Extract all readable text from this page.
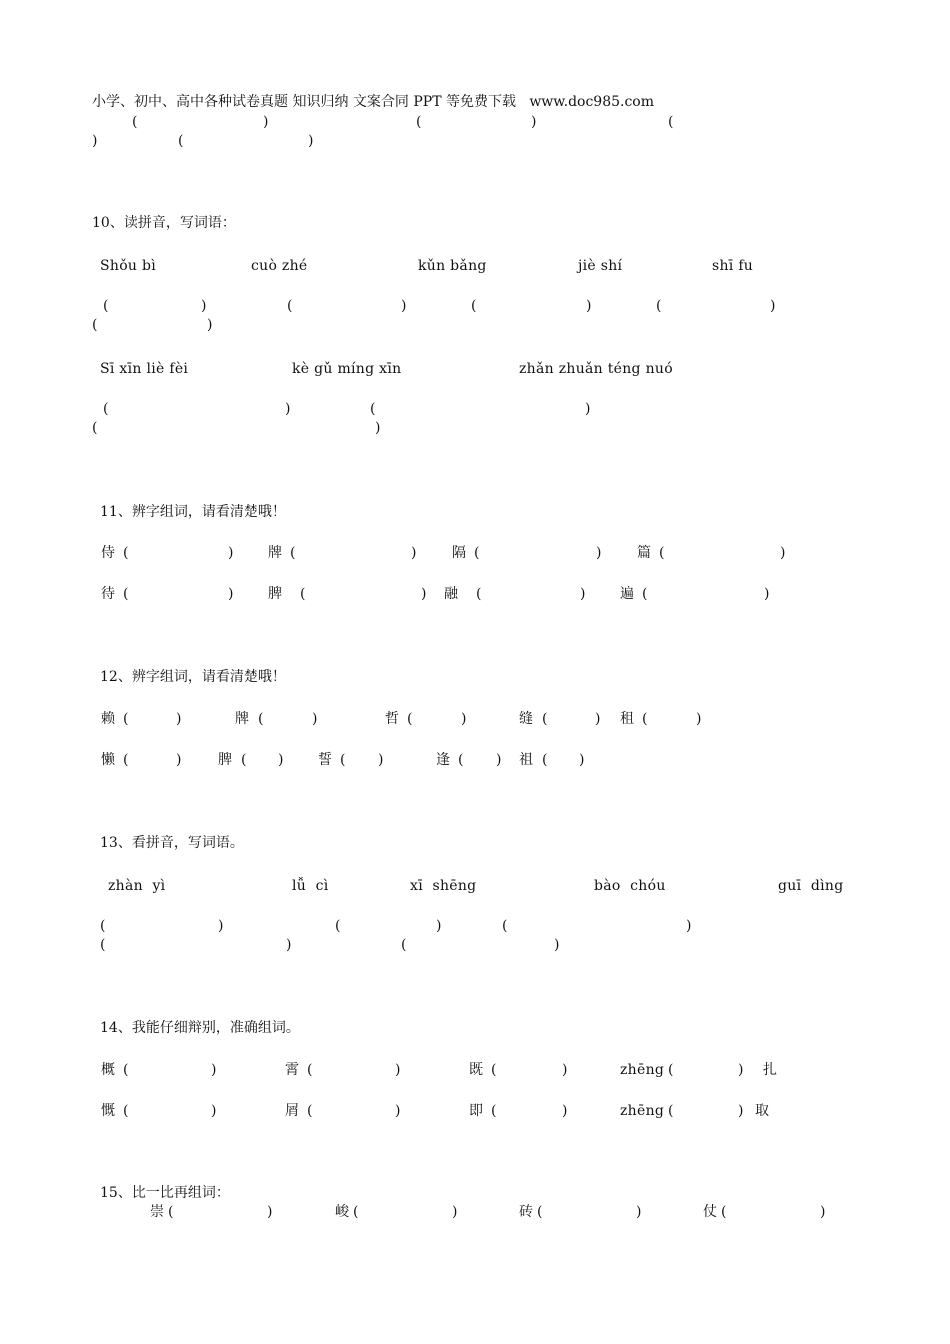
小学、初中、高中各种试卷真题 知识归纳 文案合同 PPT 等免费下载   www.doc985.com
(	)	(	)	(
)	(	)
10、读拼音，写词语：
Shǒu bì	cuò zhé	kǔn bǎng	jiè shí	shī fu
(	)	(	)	(	)	(	)
(	)
Sī xīn liè fèi	kè gǔ míng xīn	zhǎn zhuǎn téng nuó
(	)	(	)
(	)
11、辨字组词，请看清楚哦！
侍 (	) 牌 (	)	隔 (	)	篇 (	)
待 (	) 脾 (	) 融 (	) 遍 (	)
12、辨字组词，请看清楚哦！
赖 (	)	牌 (	)	哲 (	)	缝 (	) 租 (	)
懒 (	)	脾 ( ) 誓 ( )	逢 ( ) 祖 ( )
13、看拼音，写词语。
zhàn  yì	lǚ  cì	xī  shēng	bào  chóu	guī  dìng
(	)	(	)	(	)
(	)	(	)
14、我能仔细辩别，准确组词。
概 (	)	霄 (	)	既 (	)	zhēng (	) 扎
慨 (	)	屑 (	)	即 (	)	zhēng (	) 取
15、比一比再组词：
崇 (	)	峻 (	)	砖 (	)	仗 (	)
